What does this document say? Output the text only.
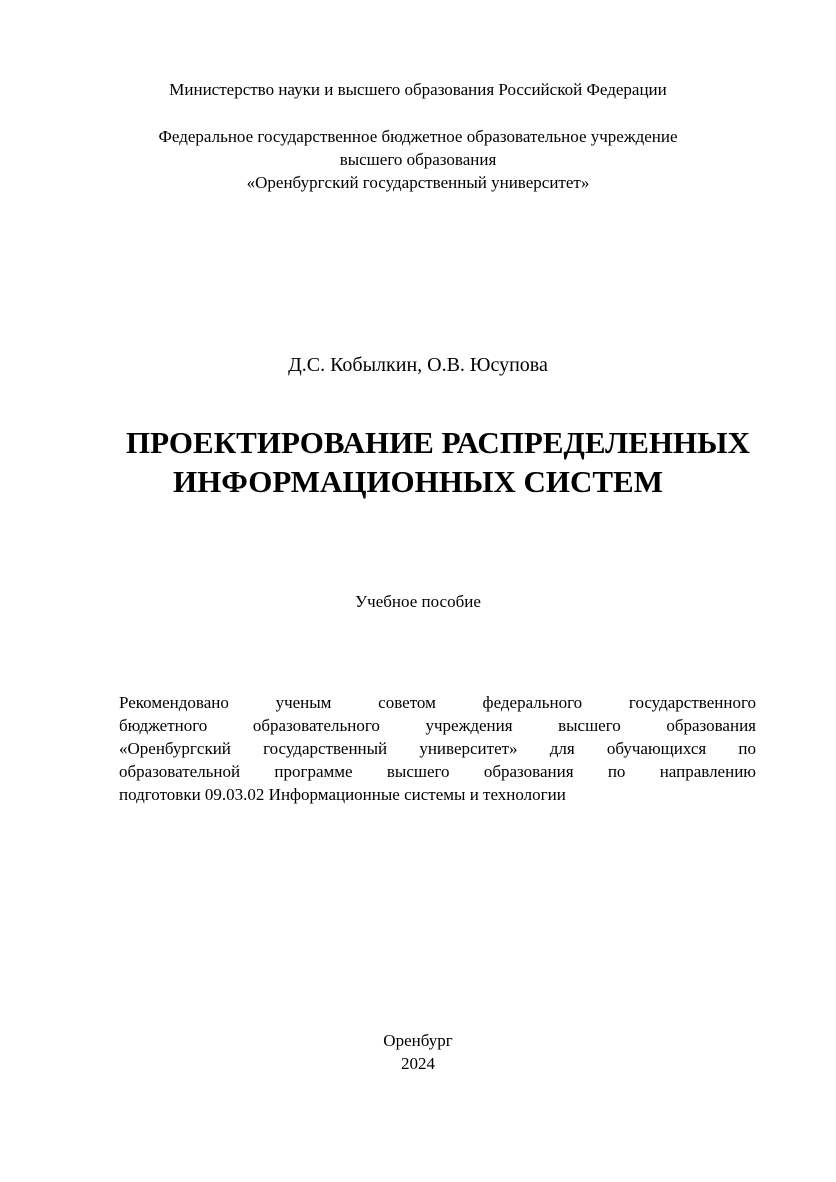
Министерство науки и высшего образования Российской Федерации
Федеральное государственное бюджетное образовательное учреждение
высшего образования
«Оренбургский государственный университет»
Д.С. Кобылкин, О.В. Юсупова
ПРОЕКТИРОВАНИЕ РАСПРЕДЕЛЕННЫХ
ИНФОРМАЦИОННЫХ СИСТЕМ
Учебное пособие
Рекомендовано ученым советом федерального государственного
бюджетного образовательного учреждения высшего образования
«Оренбургский государственный университет» для обучающихся по
образовательной программе высшего образования по направлению
подготовки 09.03.02 Информационные системы и технологии
Оренбург
2024
